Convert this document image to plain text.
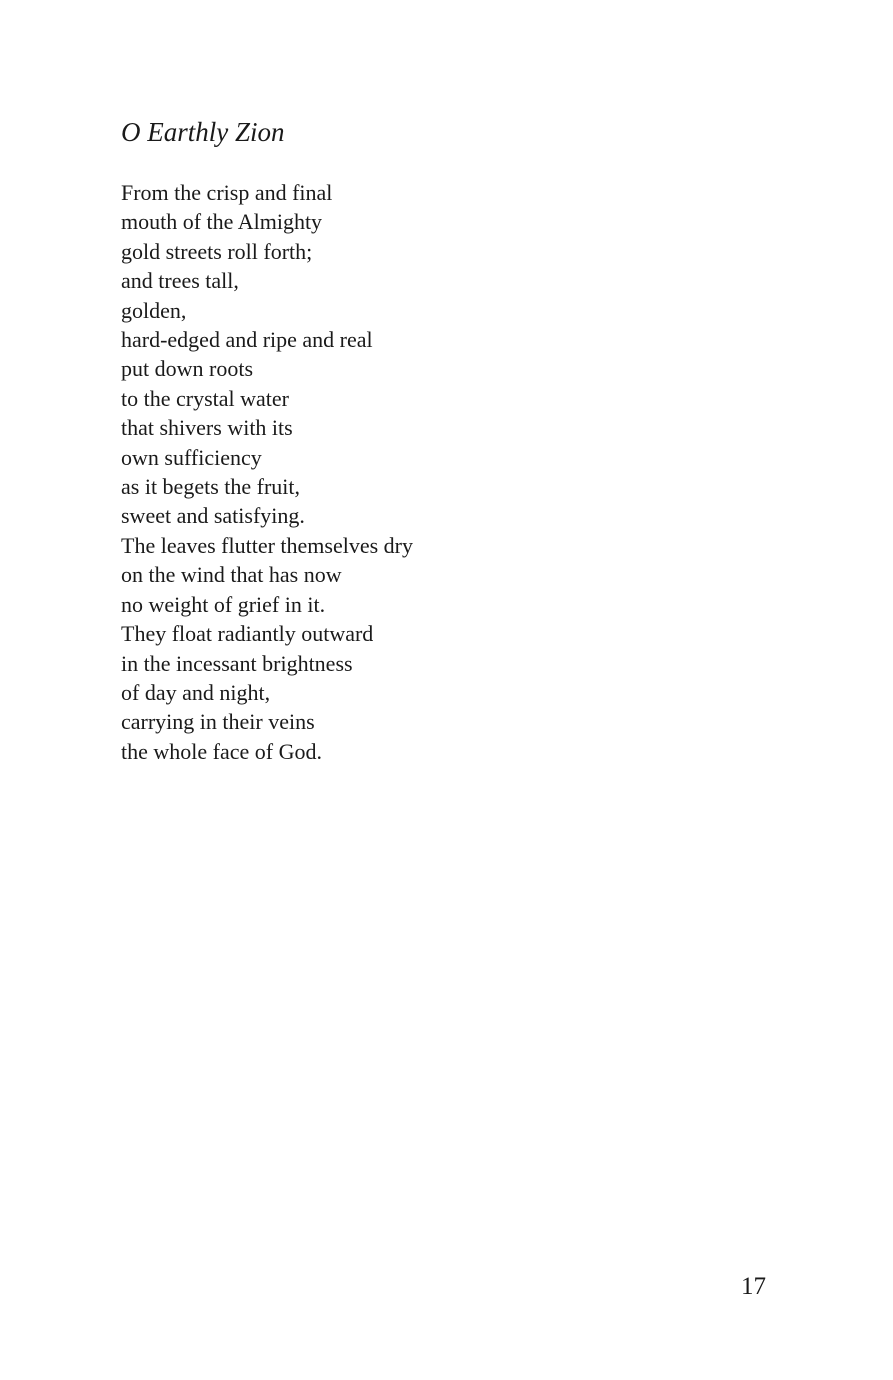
O Earthly Zion
From the crisp and final
mouth of the Almighty
gold streets roll forth;
and trees tall,
golden,
hard-edged and ripe and real
put down roots
to the crystal water
that shivers with its
own sufficiency
as it begets the fruit,
sweet and satisfying.
The leaves flutter themselves dry
on the wind that has now
no weight of grief in it.
They float radiantly outward
in the incessant brightness
of day and night,
carrying in their veins
the whole face of God.
17
